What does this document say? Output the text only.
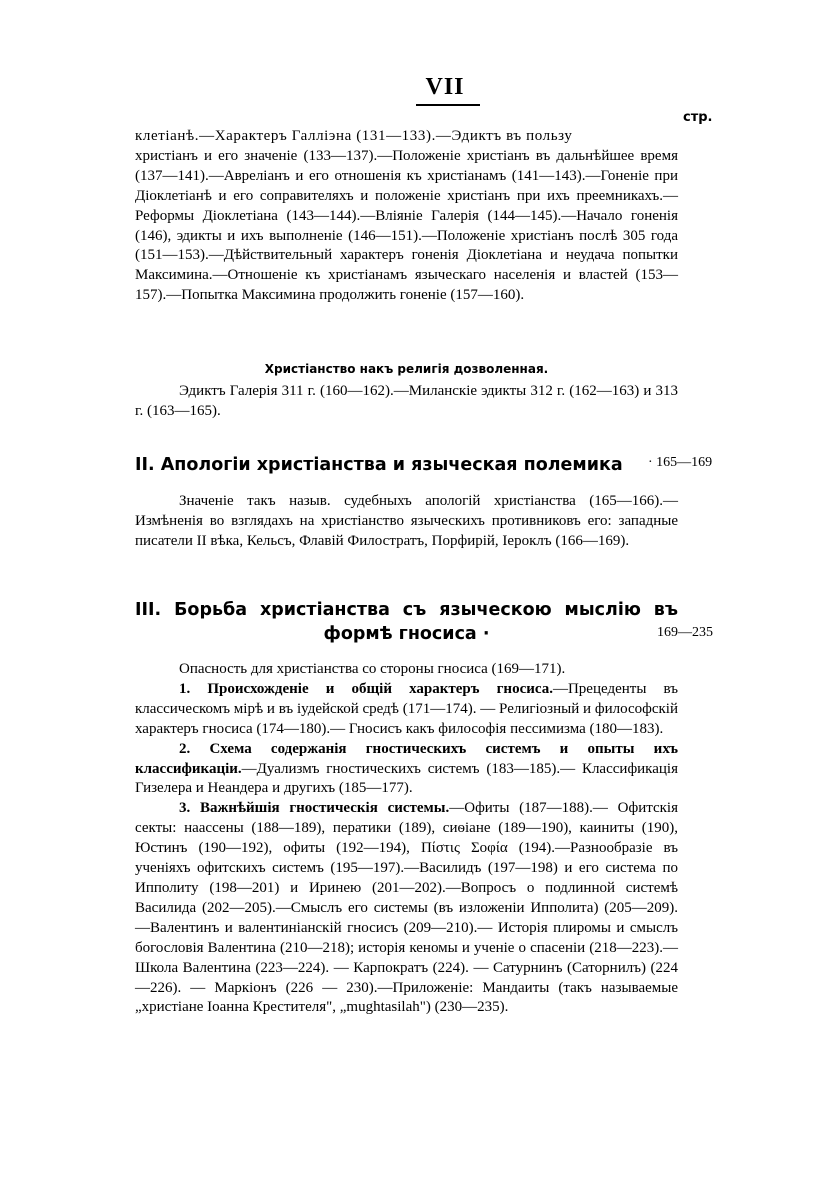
VII
стр.

клетіанѣ.—Характеръ Галліэна (131—133).—Эдиктъ въ пользу

христіанъ и его значеніе (133—137).—Положеніе христіанъ въ дальнѣйшее время (137—141).—Авреліанъ и его отношенія къ христіанамъ (141—143).—Гоненіе при Діоклетіанѣ и его соправителяхъ и положеніе христіанъ при ихъ преемникахъ.—Реформы Діоклетіана (143—144).—Вліяніе Галерія (144—145).—Начало гоненія (146), эдикты и ихъ выполненіе (146—151).—Положеніе христіанъ послѣ 305 года (151—153).—Дѣйствительный характеръ гоненія Діоклетіана и неудача попытки Максимина.—Отношеніе къ христіанамъ языческаго населенія и властей (153—157).—Попытка Максимина продолжить гоненіе (157—160).

Христіанство накъ религія дозволенная.

Эдиктъ Галерія 311 г. (160—162).—Миланскіе эдикты 312 г. (162—163) и 313 г. (163—165).

II. Апологіи христіанства и языческая полемика	· 165—169

Значеніе такъ назыв. судебныхъ апологій христіанства (165—166).—Измѣненія во взглядахъ на христіанство языческихъ противниковъ его: западные писатели II вѣка, Кельсъ, Флавій Филостратъ, Порфирій, Іероклъ (166—169).

III. Борьба христіанства съ языческою мыслію въ
формѣ гносиса ·	169—235

Опасность для христіанства со стороны гносиса (169—171).

1. Происхожденіе и общій характеръ гносиса.—Прецеденты въ классическомъ мірѣ и въ іудейской средѣ (171—174). — Религіозный и философскій характеръ гносиса (174—180).— Гносисъ какъ философія пессимизма (180—183).

2. Схема содержанія гностическихъ системъ и опыты ихъ классификаціи.—Дуализмъ гностическихъ системъ (183—185).— Классификація Гизелера и Неандера и другихъ (185—177).

3. Важнѣйшія гностическія системы.—Офиты (187—188).— Офитскія секты: наассены (188—189), ператики (189), сиѳіане (189—190), каиниты (190), Юстинъ (190—192), офиты (192—194), Πίστις Σοφία (194).—Разнообразіе въ ученіяхъ офитскихъ системъ (195—197).—Василидъ (197—198) и его система по Ипполиту (198—201) и Иринею (201—202).—Вопросъ о подлинной системѣ Василида (202—205).—Смыслъ его системы (въ изложеніи Ипполита) (205—209).—Валентинъ и валентиніанскій гносисъ (209—210).— Исторія плиромы и смыслъ богословія Валентина (210—218); исторія кеномы и ученіе о спасеніи (218—223).—Школа Валентина (223—224). — Карпократъ (224). — Сатурнинъ (Саторнилъ) (224—226). — Маркіонъ (226 — 230).—Приложеніе: Мандаиты (такъ называемые „христіане Іоанна Крестителя", „mughtasilah") (230—235).
